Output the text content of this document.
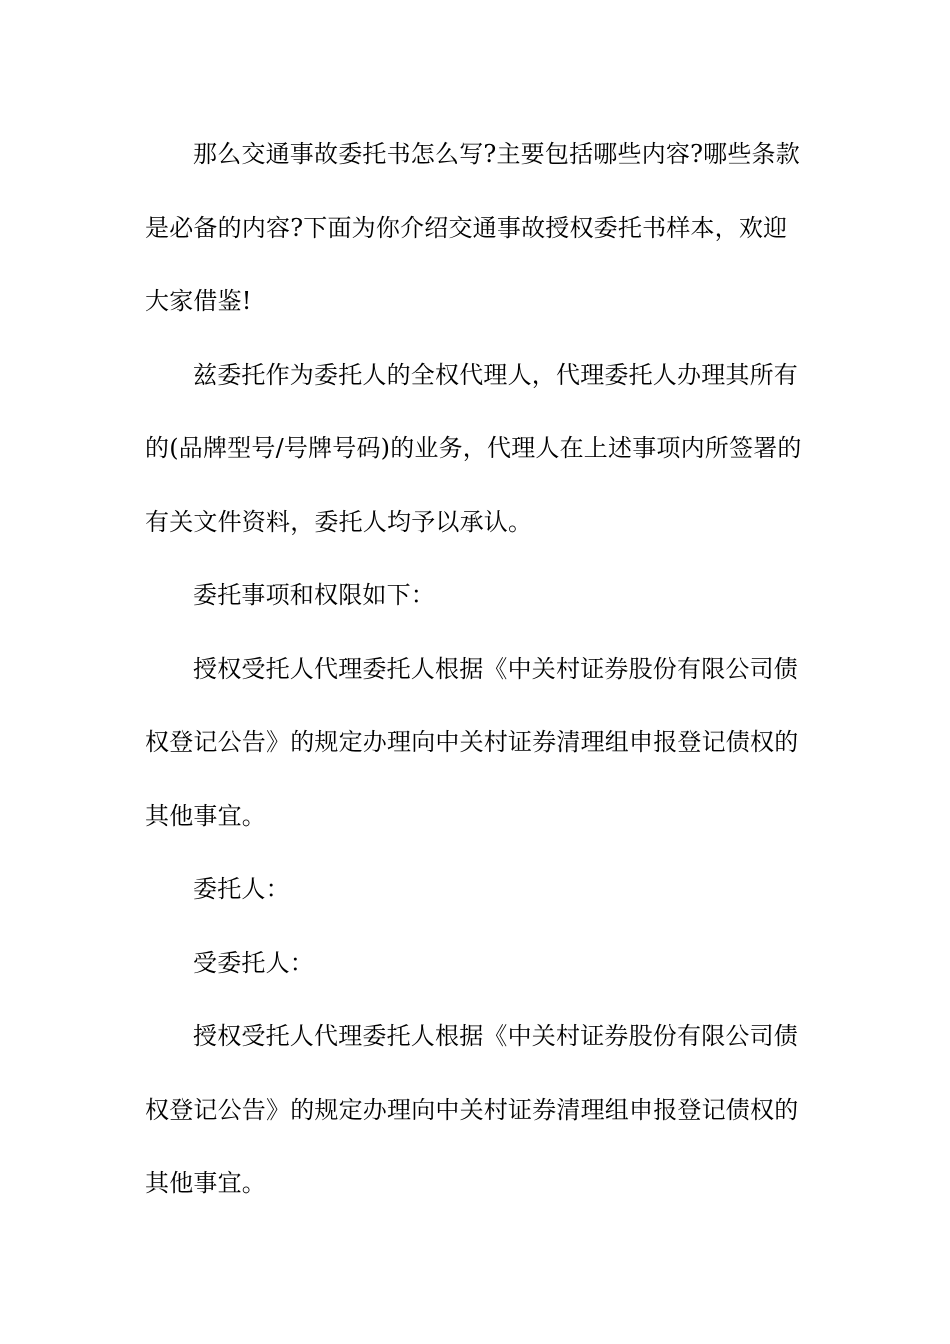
那么交通事故委托书怎么写?主要包括哪些内容?哪些条款是必备的内容?下面为你介绍交通事故授权委托书样本，欢迎大家借鉴!

兹委托作为委托人的全权代理人，代理委托人办理其所有的(品牌型号/号牌号码)的业务，代理人在上述事项内所签署的有关文件资料，委托人均予以承认。

委托事项和权限如下：

授权受托人代理委托人根据《中关村证券股份有限公司债权登记公告》的规定办理向中关村证券清理组申报登记债权的其他事宜。

委托人：

受委托人：

授权受托人代理委托人根据《中关村证券股份有限公司债权登记公告》的规定办理向中关村证券清理组申报登记债权的其他事宜。
